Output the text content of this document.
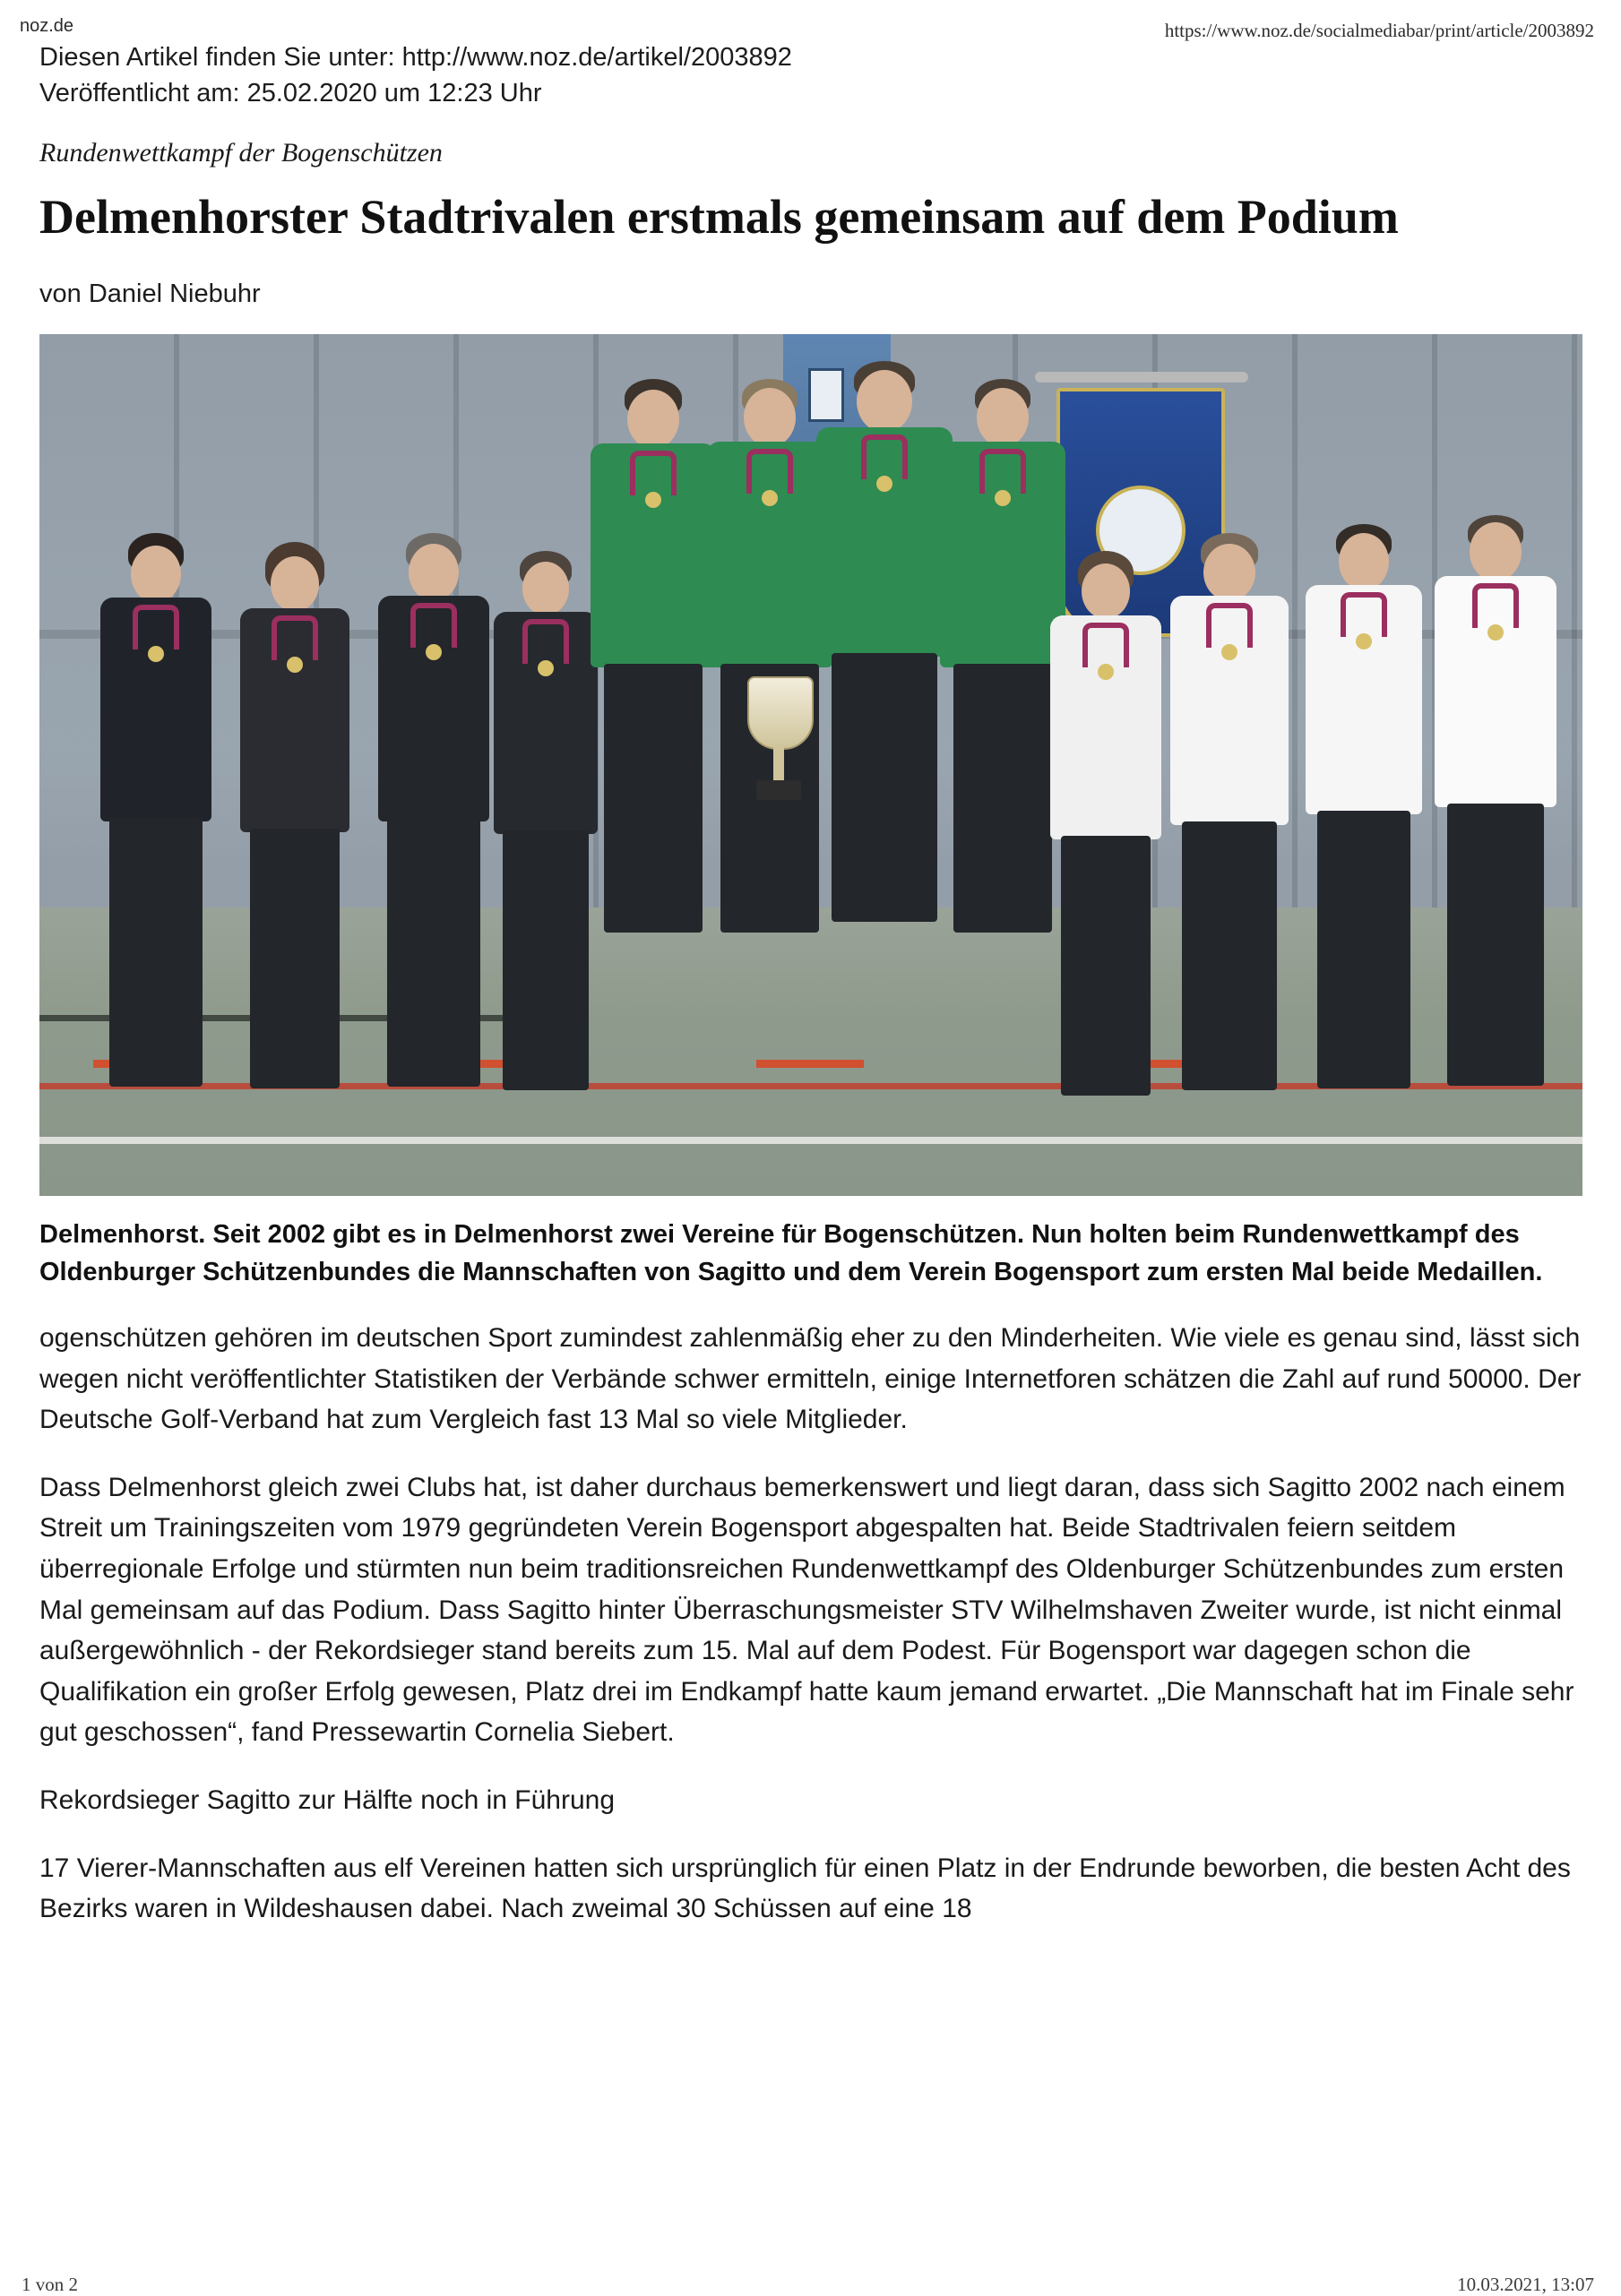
noz.de	https://www.noz.de/socialmediabar/print/article/2003892
Diesen Artikel finden Sie unter: http://www.noz.de/artikel/2003892
Veröffentlicht am: 25.02.2020 um 12:23 Uhr
Rundenwettkampf der Bogenschützen
Delmenhorster Stadtrivalen erstmals gemeinsam auf dem Podium
von Daniel Niebuhr
Delmenhorst. Seit 2002 gibt es in Delmenhorst zwei Vereine für Bogenschützen. Nun holten beim Rundenwettkampf des Oldenburger Schützenbundes die Mannschaften von Sagitto und dem Verein Bogensport zum ersten Mal beide Medaillen.

ogenschützen gehören im deutschen Sport zumindest zahlenmäßig eher zu den Minderheiten. Wie viele es genau sind, lässt sich wegen nicht veröffentlichter Statistiken der Verbände schwer ermitteln, einige Internetforen schätzen die Zahl auf rund 50000. Der Deutsche Golf-Verband hat zum Vergleich fast 13 Mal so viele Mitglieder.

Dass Delmenhorst gleich zwei Clubs hat, ist daher durchaus bemerkenswert und liegt daran, dass sich Sagitto 2002 nach einem Streit um Trainingszeiten vom 1979 gegründeten Verein Bogensport abgespalten hat. Beide Stadtrivalen feiern seitdem überregionale Erfolge und stürmten nun beim traditionsreichen Rundenwettkampf des Oldenburger Schützenbundes zum ersten Mal gemeinsam auf das Podium. Dass Sagitto hinter Überraschungsmeister STV Wilhelmshaven Zweiter wurde, ist nicht einmal außergewöhnlich - der Rekordsieger stand bereits zum 15. Mal auf dem Podest. Für Bogensport war dagegen schon die Qualifikation ein großer Erfolg gewesen, Platz drei im Endkampf hatte kaum jemand erwartet. „Die Mannschaft hat im Finale sehr gut geschossen“, fand Pressewartin Cornelia Siebert.

Rekordsieger Sagitto zur Hälfte noch in Führung

17 Vierer-Mannschaften aus elf Vereinen hatten sich ursprünglich für einen Platz in der Endrunde beworben, die besten Acht des Bezirks waren in Wildeshausen dabei. Nach zweimal 30 Schüssen auf eine 18

1 von 2	10.03.2021, 13:07
